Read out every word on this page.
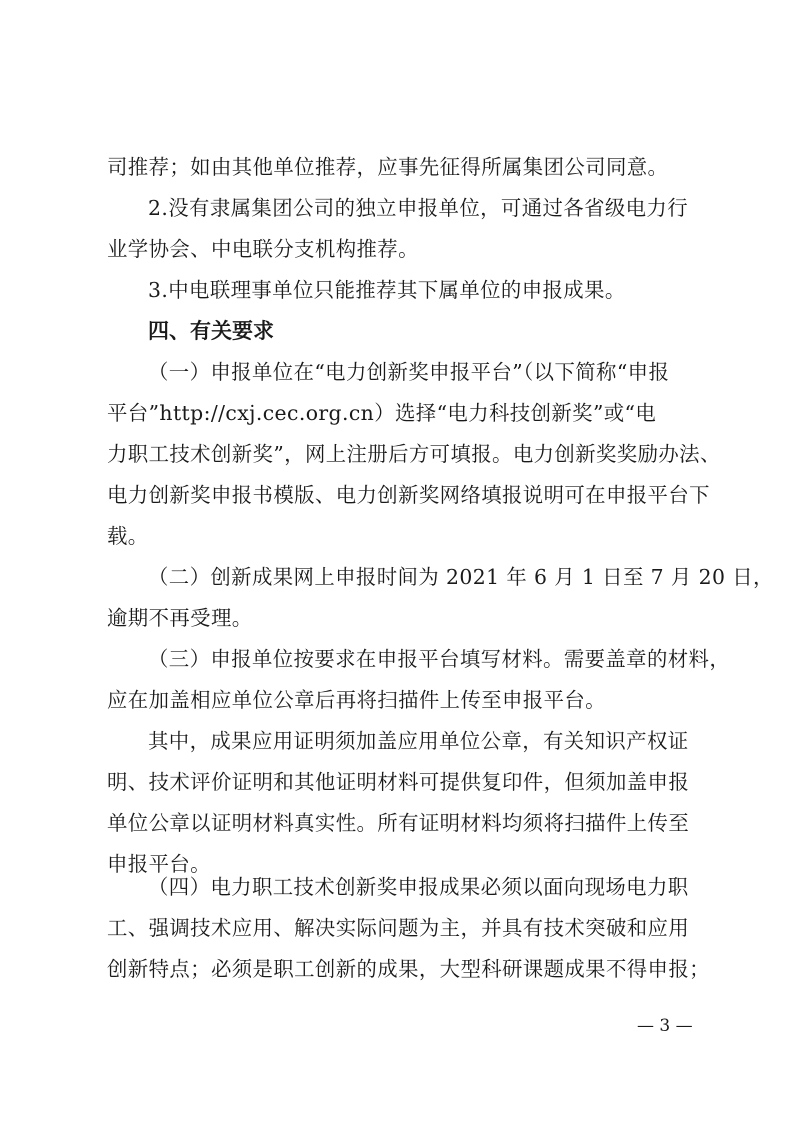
司推荐；如由其他单位推荐，应事先征得所属集团公司同意。

2.没有隶属集团公司的独立申报单位，可通过各省级电力行
业学协会、中电联分支机构推荐。

3.中电联理事单位只能推荐其下属单位的申报成果。

四、有关要求

（一）申报单位在“电力创新奖申报平台”（以下简称“申报
平台”http://cxj.cec.org.cn）选择“电力科技创新奖”或“电
力职工技术创新奖”，网上注册后方可填报。电力创新奖奖励办法、
电力创新奖申报书模版、电力创新奖网络填报说明可在申报平台下
载。

（二）创新成果网上申报时间为 2021 年 6 月 1 日至 7 月 20 日，
逾期不再受理。

（三）申报单位按要求在申报平台填写材料。需要盖章的材料，
应在加盖相应单位公章后再将扫描件上传至申报平台。

其中，成果应用证明须加盖应用单位公章，有关知识产权证
明、技术评价证明和其他证明材料可提供复印件，但须加盖申报
单位公章以证明材料真实性。所有证明材料均须将扫描件上传至
申报平台。

（四）电力职工技术创新奖申报成果必须以面向现场电力职
工、强调技术应用、解决实际问题为主，并具有技术突破和应用
创新特点；必须是职工创新的成果，大型科研课题成果不得申报；

— 3 —
